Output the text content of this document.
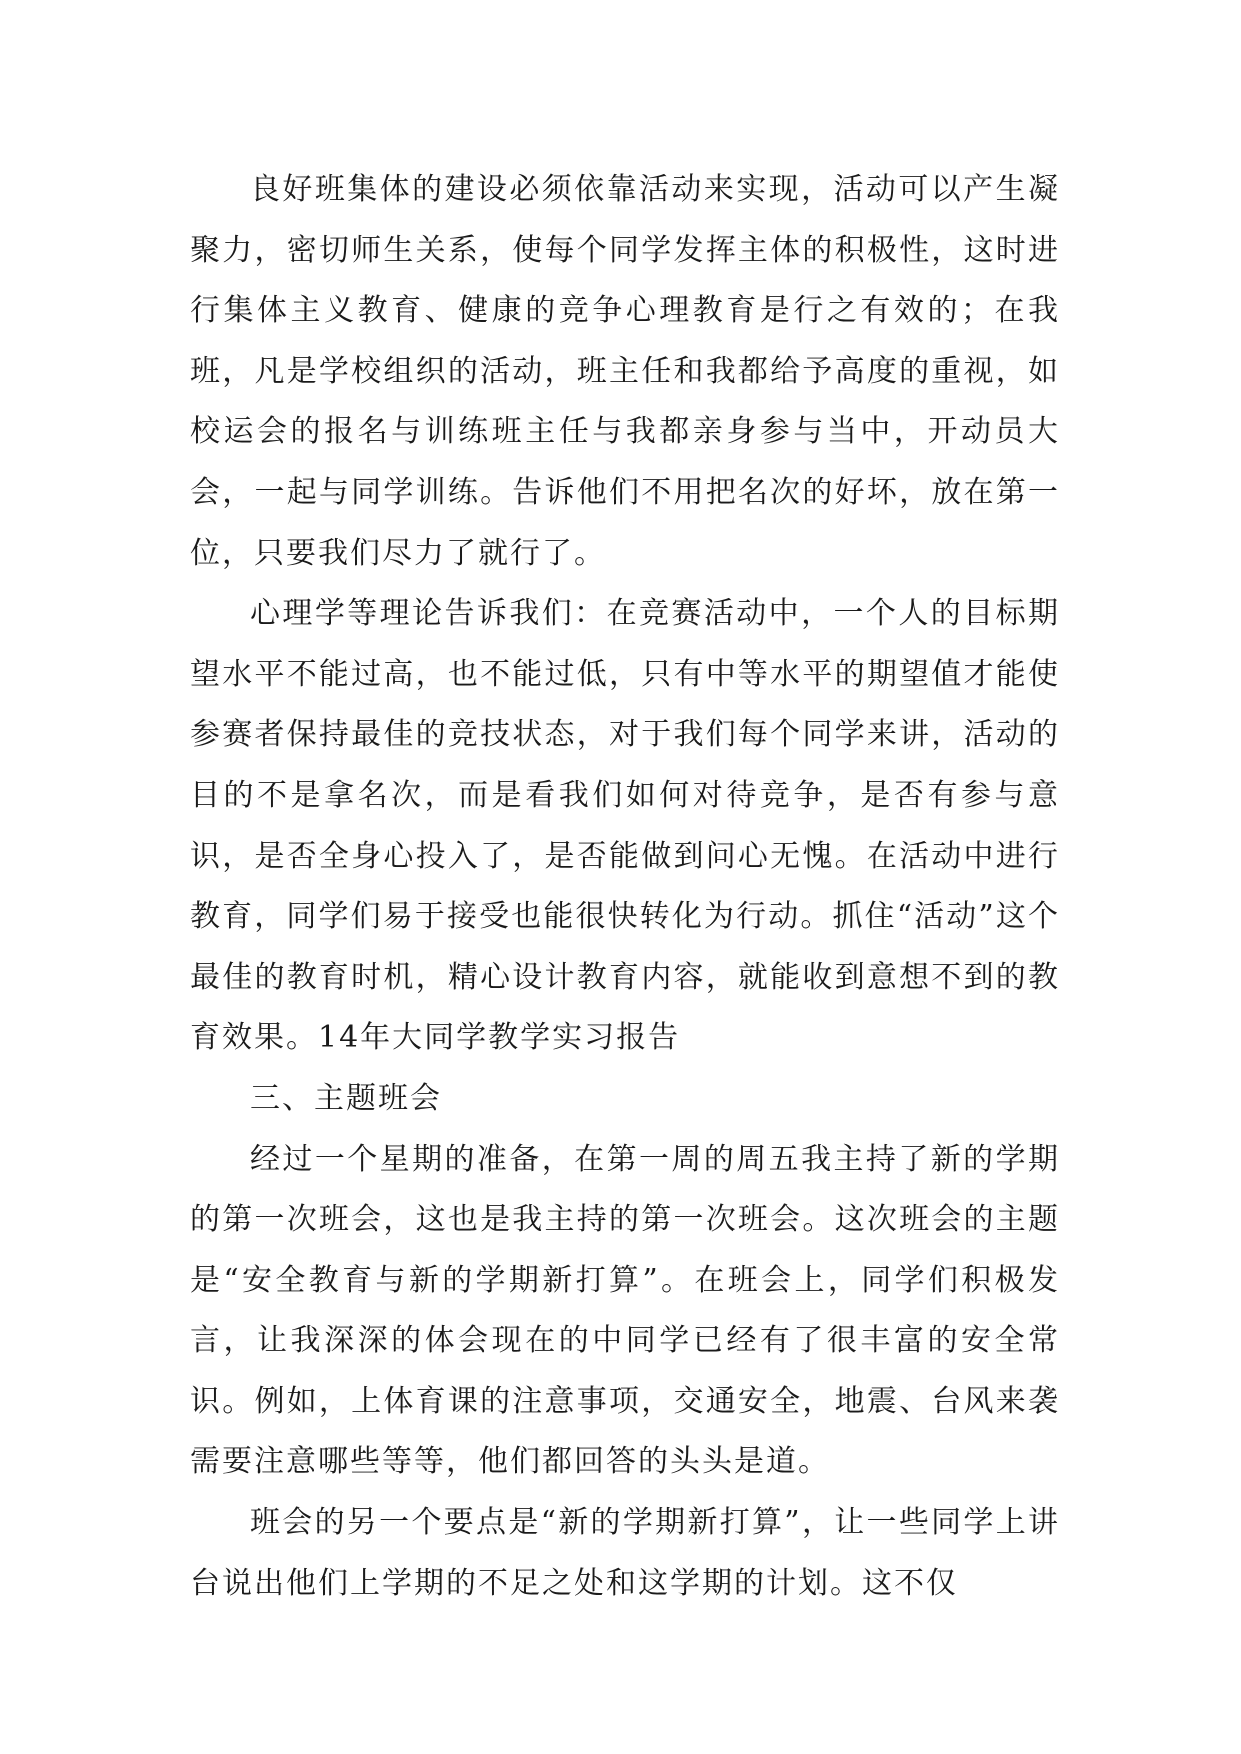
良好班集体的建设必须依靠活动来实现，活动可以产生凝聚力，密切师生关系，使每个同学发挥主体的积极性，这时进行集体主义教育、健康的竞争心理教育是行之有效的；在我班，凡是学校组织的活动，班主任和我都给予高度的重视，如校运会的报名与训练班主任与我都亲身参与当中，开动员大会，一起与同学训练。告诉他们不用把名次的好坏，放在第一位，只要我们尽力了就行了。

心理学等理论告诉我们：在竞赛活动中，一个人的目标期望水平不能过高，也不能过低，只有中等水平的期望值才能使参赛者保持最佳的竞技状态，对于我们每个同学来讲，活动的目的不是拿名次，而是看我们如何对待竞争，是否有参与意识，是否全身心投入了，是否能做到问心无愧。在活动中进行教育，同学们易于接受也能很快转化为行动。抓住“活动”这个最佳的教育时机，精心设计教育内容，就能收到意想不到的教育效果。14年大同学教学实习报告

三、主题班会

经过一个星期的准备，在第一周的周五我主持了新的学期的第一次班会，这也是我主持的第一次班会。这次班会的主题是“安全教育与新的学期新打算”。在班会上，同学们积极发言，让我深深的体会现在的中同学已经有了很丰富的安全常识。例如，上体育课的注意事项，交通安全，地震、台风来袭需要注意哪些等等，他们都回答的头头是道。

班会的另一个要点是“新的学期新打算”，让一些同学上讲台说出他们上学期的不足之处和这学期的计划。这不仅
